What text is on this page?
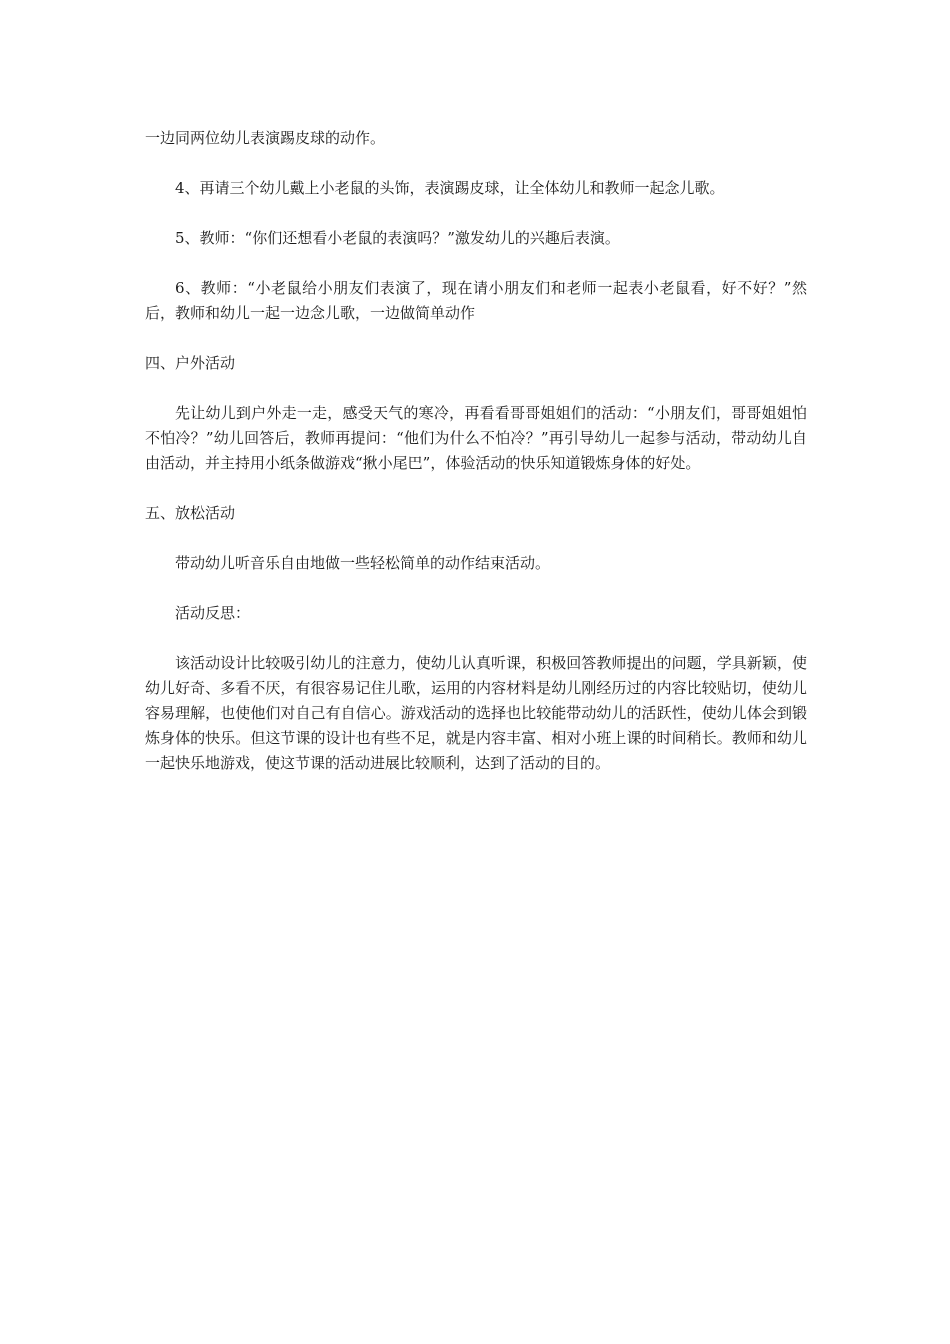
一边同两位幼儿表演踢皮球的动作。

4、再请三个幼儿戴上小老鼠的头饰，表演踢皮球，让全体幼儿和教师一起念儿歌。

5、教师：“你们还想看小老鼠的表演吗？”激发幼儿的兴趣后表演。

6、教师：“小老鼠给小朋友们表演了，现在请小朋友们和老师一起表小老鼠看，好不好？”然后，教师和幼儿一起一边念儿歌，一边做简单动作

四、户外活动

先让幼儿到户外走一走，感受天气的寒冷，再看看哥哥姐姐们的活动：“小朋友们，哥哥姐姐怕不怕冷？”幼儿回答后，教师再提问：“他们为什么不怕冷？”再引导幼儿一起参与活动，带动幼儿自由活动，并主持用小纸条做游戏“揪小尾巴”，体验活动的快乐知道锻炼身体的好处。

五、放松活动

带动幼儿听音乐自由地做一些轻松简单的动作结束活动。

活动反思：

该活动设计比较吸引幼儿的注意力，使幼儿认真听课，积极回答教师提出的问题，学具新颖，使幼儿好奇、多看不厌，有很容易记住儿歌，运用的内容材料是幼儿刚经历过的内容比较贴切，使幼儿容易理解，也使他们对自己有自信心。游戏活动的选择也比较能带动幼儿的活跃性，使幼儿体会到锻炼身体的快乐。但这节课的设计也有些不足，就是内容丰富、相对小班上课的时间稍长。教师和幼儿一起快乐地游戏，使这节课的活动进展比较顺利，达到了活动的目的。
